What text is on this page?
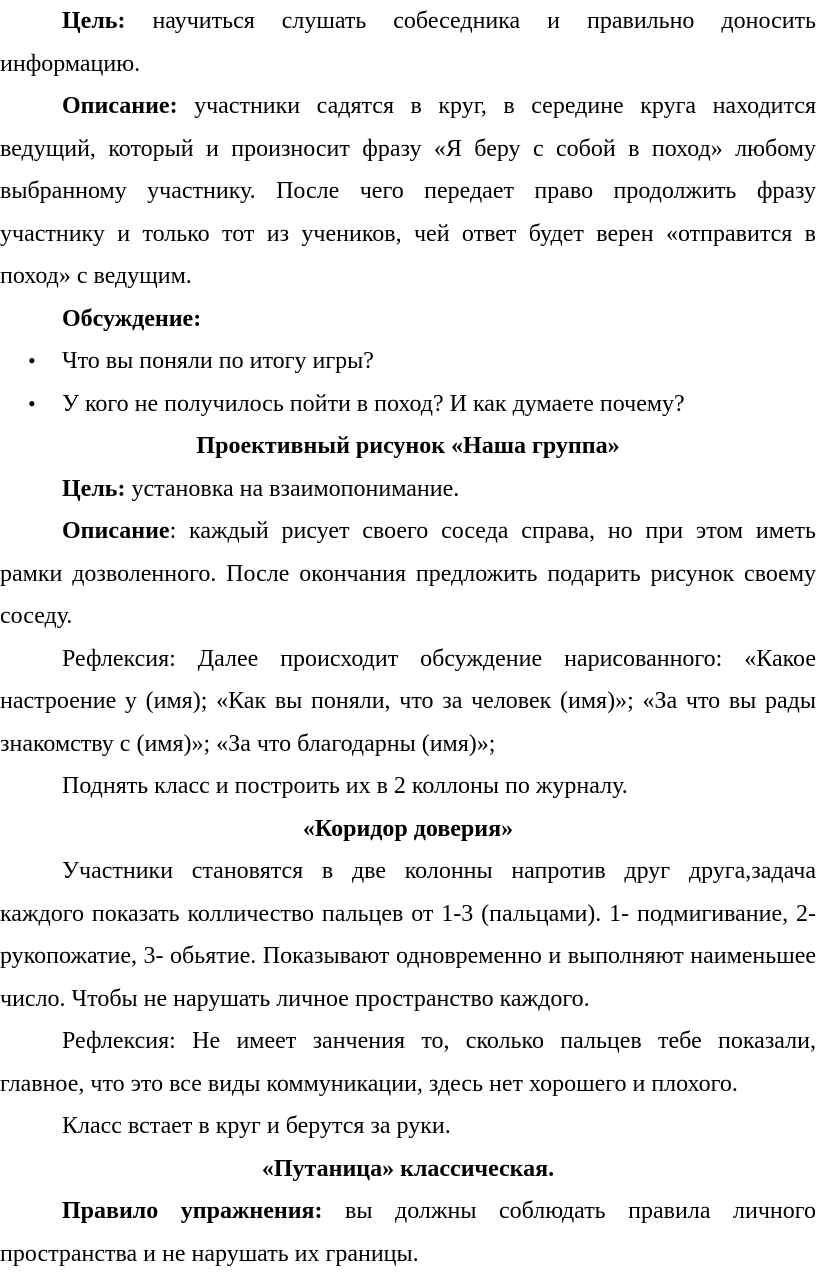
Цель: научиться слушать собеседника и правильно доносить информацию.

Описание: участники садятся в круг, в середине круга находится ведущий, который и произносит фразу «Я беру с собой в поход» любому выбранному участнику. После чего передает право продолжить фразу участнику и только тот из учеников, чей ответ будет верен «отправится в поход» с ведущим.

Обсуждение:

• Что вы поняли по итогу игры?
• У кого не получилось пойти в поход? И как думаете почему?

Проективный рисунок «Наша группа»

Цель: установка на взаимопонимание.

Описание: каждый рисует своего соседа справа, но при этом иметь рамки дозволенного. После окончания предложить подарить рисунок своему соседу.

Рефлексия: Далее происходит обсуждение нарисованного: «Какое настроение у (имя); «Как вы поняли, что за человек (имя)»; «За что вы рады знакомству с (имя)»; «За что благодарны (имя)»;

Поднять класс и построить их в 2 коллоны по журналу.

«Коридор доверия»

Участники становятся в две колонны напротив друг друга,задача каждого показать колличество пальцев от 1-3 (пальцами). 1- подмигивание, 2- рукопожатие, 3- обьятие. Показывают одновременно и выполняют наименьшее число. Чтобы не нарушать личное пространство каждого.

Рефлексия: Не имеет занчения то, сколько пальцев тебе показали, главное, что это все виды коммуникации, здесь нет хорошего и плохого.

Класс встает в круг и берутся за руки.

«Путаница» классическая.

Правило упражнения: вы должны соблюдать правила личного пространства и не нарушать их границы.
